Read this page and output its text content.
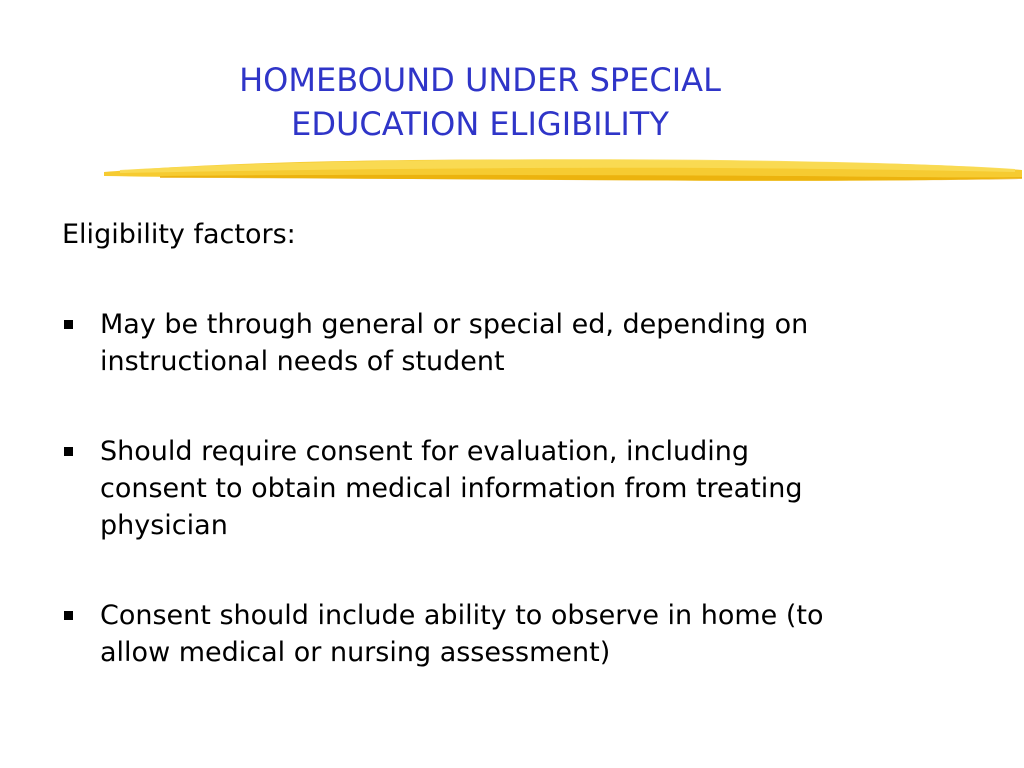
HOMEBOUND UNDER SPECIAL
EDUCATION ELIGIBILITY
Eligibility factors:
May be through general or special ed, depending on
instructional needs of student
Should require consent for evaluation, including
consent to obtain medical information from treating
physician
Consent should include ability to observe in home (to
allow medical or nursing assessment)
